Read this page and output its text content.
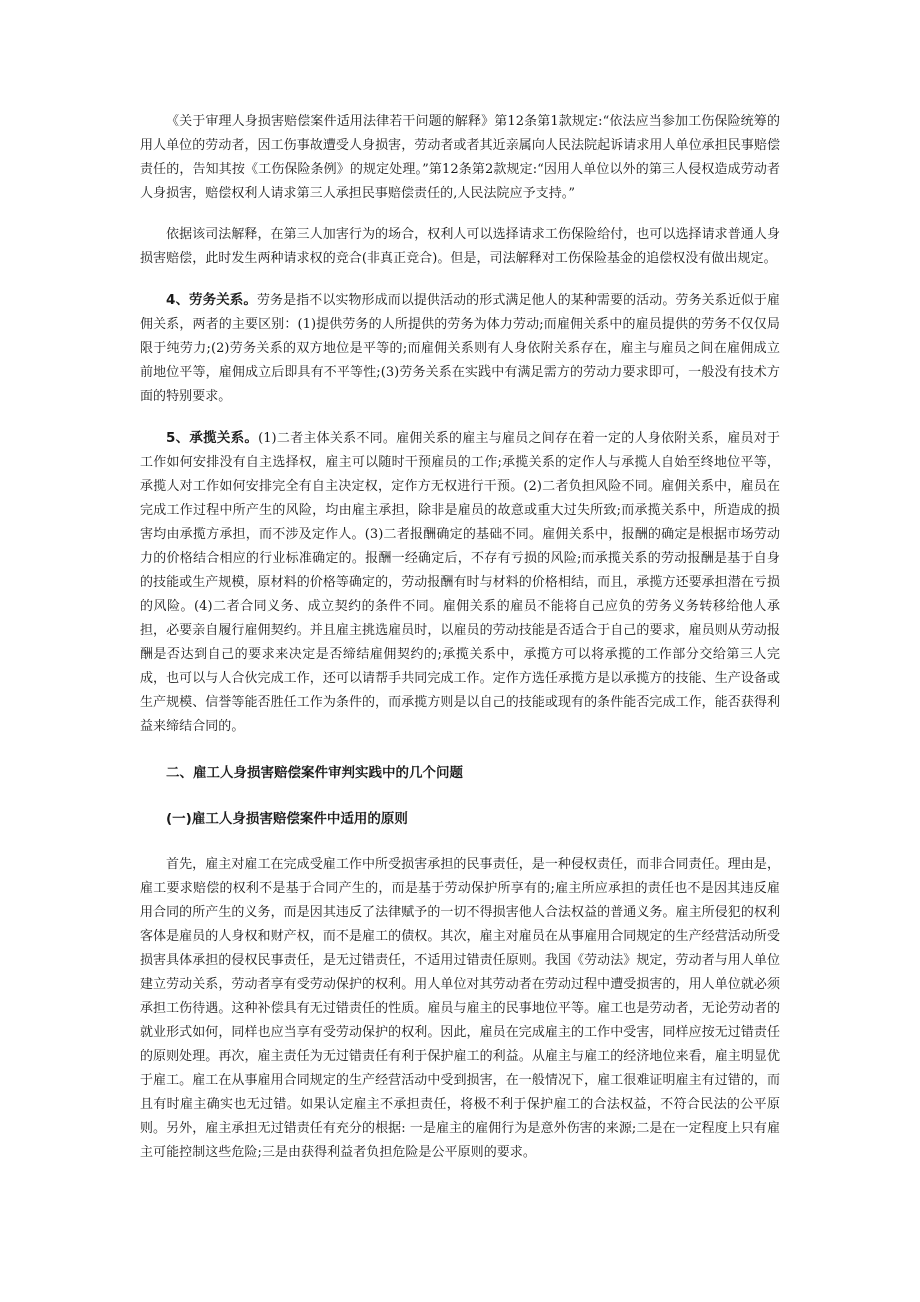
《关于审理人身损害赔偿案件适用法律若干问题的解释》第12条第1款规定:“依法应当参加工伤保险统筹的用人单位的劳动者，因工伤事故遭受人身损害，劳动者或者其近亲属向人民法院起诉请求用人单位承担民事赔偿责任的，告知其按《工伤保险条例》的规定处理。”第12条第2款规定:“因用人单位以外的第三人侵权造成劳动者人身损害，赔偿权利人请求第三人承担民事赔偿责任的,人民法院应予支持。”

依据该司法解释，在第三人加害行为的场合，权利人可以选择请求工伤保险给付，也可以选择请求普通人身损害赔偿，此时发生两种请求权的竞合(非真正竞合)。但是，司法解释对工伤保险基金的追偿权没有做出规定。

4、劳务关系。劳务是指不以实物形成而以提供活动的形式满足他人的某种需要的活动。劳务关系近似于雇佣关系，两者的主要区别：(1)提供劳务的人所提供的劳务为体力劳动;而雇佣关系中的雇员提供的劳务不仅仅局限于纯劳力;(2)劳务关系的双方地位是平等的;而雇佣关系则有人身依附关系存在，雇主与雇员之间在雇佣成立前地位平等，雇佣成立后即具有不平等性;(3)劳务关系在实践中有满足需方的劳动力要求即可，一般没有技术方面的特别要求。

5、承揽关系。(1)二者主体关系不同。雇佣关系的雇主与雇员之间存在着一定的人身依附关系，雇员对于工作如何安排没有自主选择权，雇主可以随时干预雇员的工作;承揽关系的定作人与承揽人自始至终地位平等，承揽人对工作如何安排完全有自主决定权，定作方无权进行干预。(2)二者负担风险不同。雇佣关系中，雇员在完成工作过程中所产生的风险，均由雇主承担，除非是雇员的故意或重大过失所致;而承揽关系中，所造成的损害均由承揽方承担，而不涉及定作人。(3)二者报酬确定的基础不同。雇佣关系中，报酬的确定是根据市场劳动力的价格结合相应的行业标准确定的。报酬一经确定后，不存有亏损的风险;而承揽关系的劳动报酬是基于自身的技能或生产规模，原材料的价格等确定的，劳动报酬有时与材料的价格相结，而且，承揽方还要承担潜在亏损的风险。(4)二者合同义务、成立契约的条件不同。雇佣关系的雇员不能将自己应负的劳务义务转移给他人承担，必要亲自履行雇佣契约。并且雇主挑选雇员时，以雇员的劳动技能是否适合于自己的要求，雇员则从劳动报酬是否达到自己的要求来决定是否缔结雇佣契约的;承揽关系中，承揽方可以将承揽的工作部分交给第三人完成，也可以与人合伙完成工作，还可以请帮手共同完成工作。定作方选任承揽方是以承揽方的技能、生产设备或生产规模、信誉等能否胜任工作为条件的，而承揽方则是以自己的技能或现有的条件能否完成工作，能否获得利益来缔结合同的。

二、雇工人身损害赔偿案件审判实践中的几个问题
(一)雇工人身损害赔偿案件中适用的原则

首先，雇主对雇工在完成受雇工作中所受损害承担的民事责任，是一种侵权责任，而非合同责任。理由是，雇工要求赔偿的权利不是基于合同产生的，而是基于劳动保护所享有的;雇主所应承担的责任也不是因其违反雇用合同的所产生的义务，而是因其违反了法律赋予的一切不得损害他人合法权益的普通义务。雇主所侵犯的权利客体是雇员的人身权和财产权，而不是雇工的债权。其次，雇主对雇员在从事雇用合同规定的生产经营活动所受损害具体承担的侵权民事责任，是无过错责任，不适用过错责任原则。我国《劳动法》规定，劳动者与用人单位建立劳动关系，劳动者享有受劳动保护的权利。用人单位对其劳动者在劳动过程中遭受损害的，用人单位就必须承担工伤待遇。这种补偿具有无过错责任的性质。雇员与雇主的民事地位平等。雇工也是劳动者，无论劳动者的就业形式如何，同样也应当享有受劳动保护的权利。因此，雇员在完成雇主的工作中受害，同样应按无过错责任的原则处理。再次，雇主责任为无过错责任有利于保护雇工的利益。从雇主与雇工的经济地位来看，雇主明显优于雇工。雇工在从事雇用合同规定的生产经营活动中受到损害，在一般情况下，雇工很难证明雇主有过错的，而且有时雇主确实也无过错。如果认定雇主不承担责任，将极不利于保护雇工的合法权益，不符合民法的公平原则。另外，雇主承担无过错责任有充分的根据: 一是雇主的雇佣行为是意外伤害的来源;二是在一定程度上只有雇主可能控制这些危险;三是由获得利益者负担危险是公平原则的要求。
